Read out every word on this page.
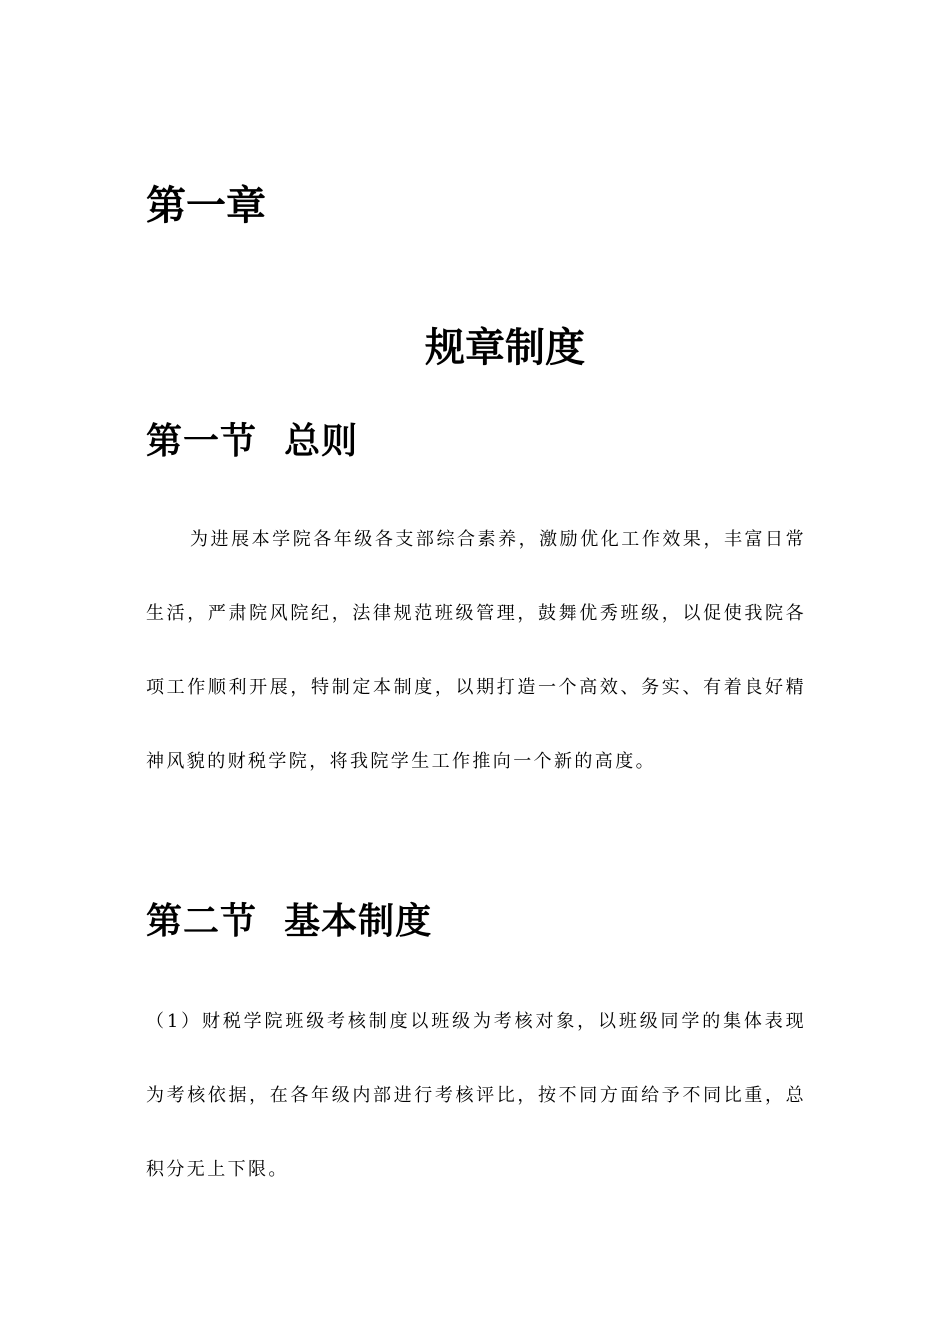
第一章
规章制度
第一节  总则

为进展本学院各年级各支部综合素养，激励优化工作效果，丰富日常生活，严肃院风院纪，法律规范班级管理，鼓舞优秀班级，以促使我院各项工作顺利开展，特制定本制度，以期打造一个高效、务实、有着良好精神风貌的财税学院，将我院学生工作推向一个新的高度。

第二节  基本制度

（1）财税学院班级考核制度以班级为考核对象，以班级同学的集体表现为考核依据，在各年级内部进行考核评比，按不同方面给予不同比重，总积分无上下限。
